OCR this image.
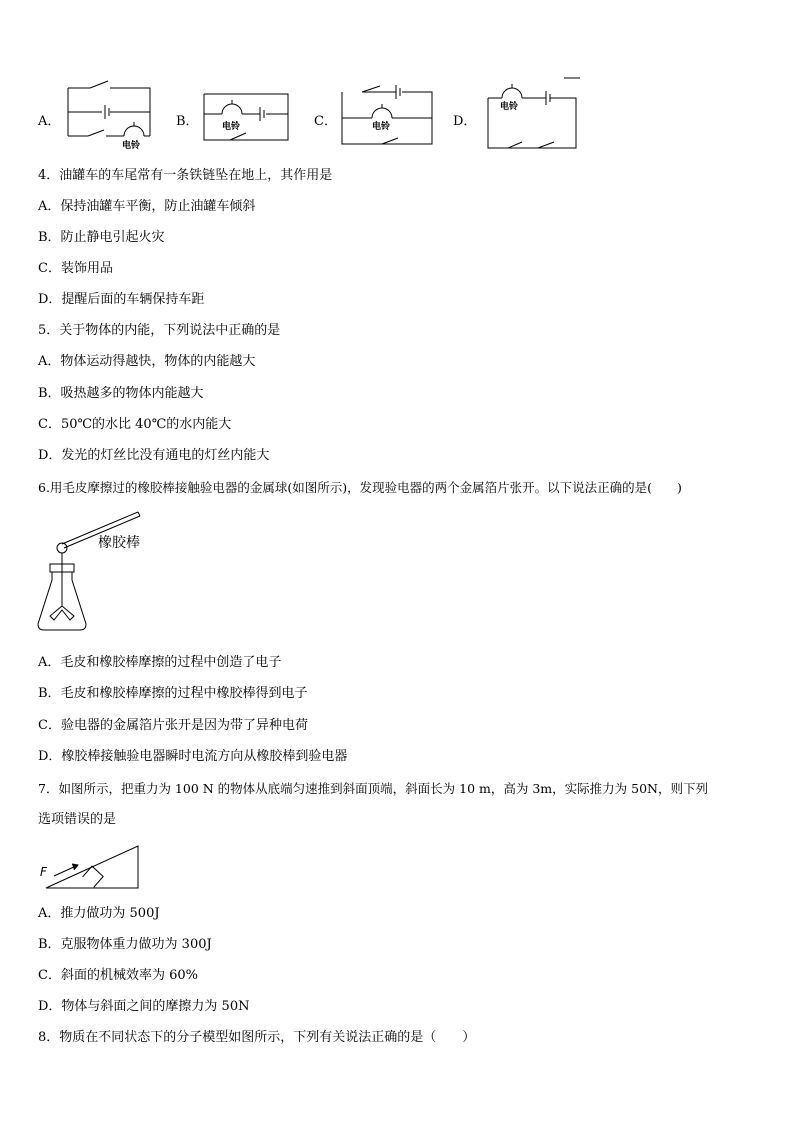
A．
电铃
B．	电铃	C．	电铃	D．
电铃
4．油罐车的车尾常有一条铁链坠在地上，其作用是
A．保持油罐车平衡，防止油罐车倾斜
B．防止静电引起火灾
C．装饰用品
D．提醒后面的车辆保持车距
5．关于物体的内能，下列说法中正确的是
A．物体运动得越快，物体的内能越大
B．吸热越多的物体内能越大
C．50℃的水比 40℃的水内能大
D．发光的灯丝比没有通电的灯丝内能大
6.用毛皮摩擦过的橡胶棒接触验电器的金属球(如图所示)，发现验电器的两个金属箔片张开。以下说法正确的是(　　)
橡胶棒
A．毛皮和橡胶棒摩擦的过程中创造了电子
B．毛皮和橡胶棒摩擦的过程中橡胶棒得到电子
C．验电器的金属箔片张开是因为带了异种电荷
D．橡胶棒接触验电器瞬时电流方向从橡胶棒到验电器
7．如图所示，把重力为 100 N 的物体从底端匀速推到斜面顶端，斜面长为 10 m，高为 3m，实际推力为 50N，则下列
选项错误的是
F
A．推力做功为 500J
B．克服物体重力做功为 300J
C．斜面的机械效率为 60%
D．物体与斜面之间的摩擦力为 50N
8．物质在不同状态下的分子模型如图所示，下列有关说法正确的是（　　）
